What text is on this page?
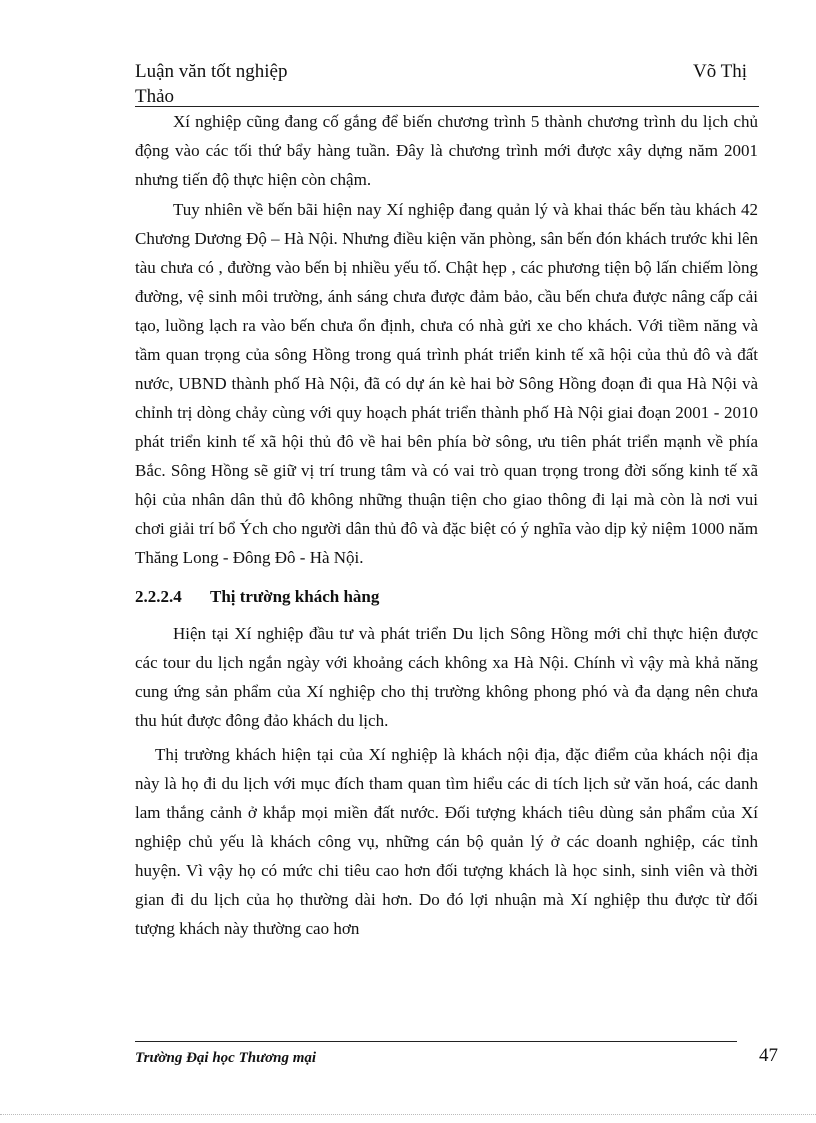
Luận văn tốt nghiệp
Thảo
Võ Thị

Xí nghiệp cũng đang cố gắng để biến chương trình 5 thành chương trình du lịch chủ động vào các tối thứ bẩy hàng tuần. Đây là chương trình mới được xây dựng năm 2001 nhưng tiến độ thực hiện còn chậm.

Tuy nhiên về bến bãi hiện nay Xí nghiệp đang quản lý và khai thác bến tàu khách 42 Chương Dương Độ – Hà Nội. Nhưng điều kiện văn phòng, sân bến đón khách trước khi lên tàu chưa có , đường vào bến bị nhiều yếu tố. Chật hẹp , các phương tiện bộ lấn chiếm lòng đường, vệ sinh môi trường, ánh sáng chưa được đảm bảo, cầu bến chưa được nâng cấp cải tạo, luồng lạch ra vào bến chưa ổn định, chưa có nhà gửi xe cho khách. Với tiềm năng và tầm quan trọng của sông Hồng trong quá trình phát triển kinh tế xã hội của thủ đô và đất nước, UBND thành phố Hà Nội, đã có dự án kè hai bờ Sông Hồng đoạn đi qua Hà Nội và chỉnh trị dòng chảy cùng với quy hoạch phát triển thành phố Hà Nội giai đoạn 2001 - 2010 phát triển kinh tế xã hội thủ đô về hai bên phía bờ sông, ưu tiên phát triển mạnh về phía Bắc. Sông Hồng sẽ giữ vị trí trung tâm và có vai trò quan trọng trong đời sống kinh tế xã hội của nhân dân thủ đô không những thuận tiện cho giao thông đi lại mà còn là nơi vui chơi giải trí bổ Ých cho người dân thủ đô và đặc biệt có ý nghĩa vào dịp kỷ niệm 1000 năm Thăng Long - Đông Đô - Hà Nội.

2.2.2.4	Thị trường khách hàng

Hiện tại Xí nghiệp đầu tư và phát triển Du lịch Sông Hồng mới chỉ thực hiện được các tour du lịch ngắn ngày với khoảng cách không xa Hà Nội. Chính vì vậy mà khả năng cung ứng sản phẩm của Xí nghiệp cho thị trường không phong phó và đa dạng nên chưa thu hút được đông đảo khách du lịch.

Thị trường khách hiện tại của Xí nghiệp là khách nội địa, đặc điểm của khách nội địa này là họ đi du lịch với mục đích tham quan tìm hiểu các di tích lịch sử văn hoá, các danh lam thắng cảnh ở khắp mọi miền đất nước. Đối tượng khách tiêu dùng sản phẩm của Xí nghiệp chủ yếu là khách công vụ, những cán bộ quản lý ở các doanh nghiệp, các tỉnh huyện. Vì vậy họ có mức chi tiêu cao hơn đối tượng khách là học sinh, sinh viên và thời gian đi du lịch của họ thường dài hơn. Do đó lợi nhuận mà Xí nghiệp thu được từ đối tượng khách này thường cao hơn

Trường Đại học Thương mại	47
